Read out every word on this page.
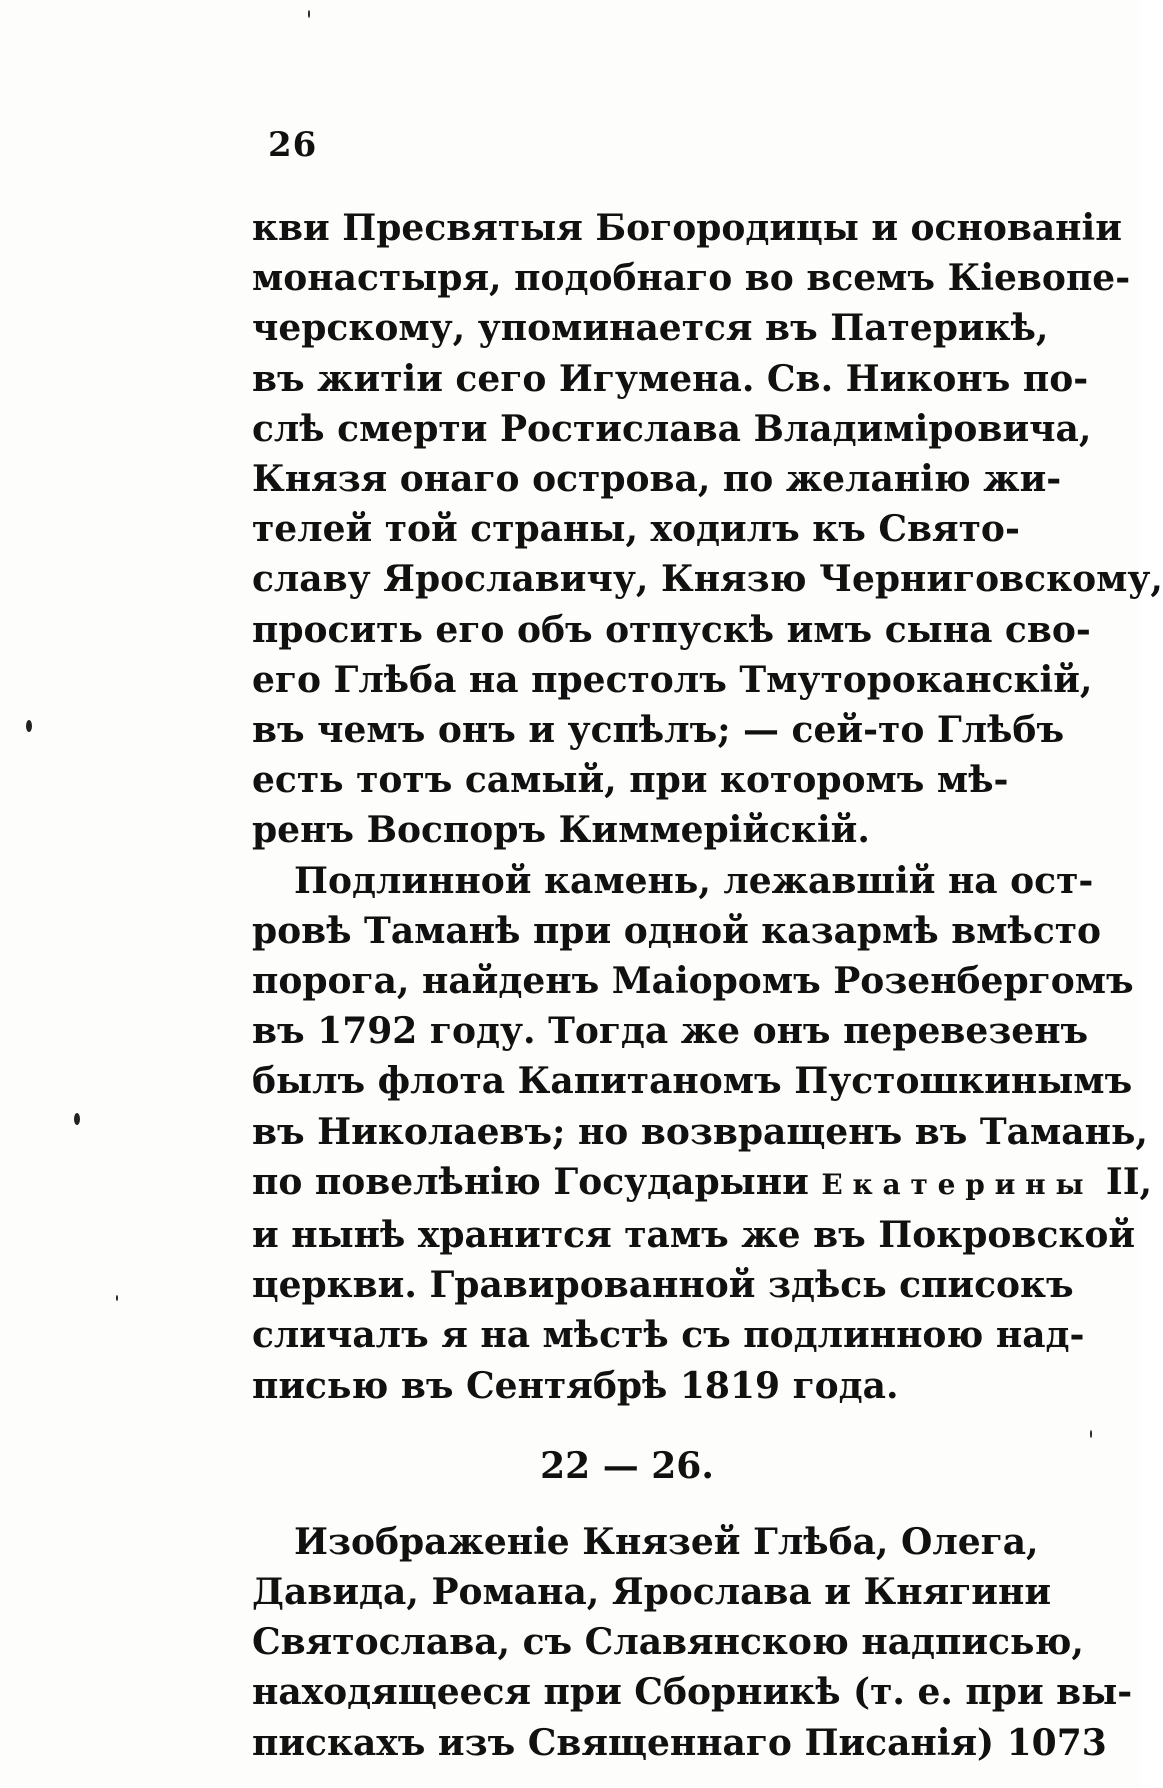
26

кви Пресвятыя Богородицы и основанiи
монастыря, подобнаго во всемъ Кiевопе-
черскому, упоминается въ Патерикѣ,
въ житiи сего Игумена. Св. Никонъ по-
слѣ смерти Ростислава Владимiровича,
Князя онаго острова, по желанiю жи-
телей той страны, ходилъ къ Свято-
славу Ярославичу, Князю Черниговскому,
просить его объ отпускѣ имъ сына сво-
его Глѣба на престолъ Тмутороканскiй,
въ чемъ онъ и успѣлъ; — сей-то Глѣбъ
есть тотъ самый, при которомъ мѣ-
ренъ Воспоръ Киммерiйскiй.
Подлинной камень, лежавшiй на ост-
ровѣ Таманѣ при одной казармѣ вмѣсто
порога, найденъ Маiоромъ Розенбергомъ
въ 1792 году. Тогда же онъ перевезенъ
былъ флота Капитаномъ Пустошкинымъ
въ Николаевъ; но возвращенъ въ Тамань,
по повелѣнiю Государыни Екатерины II,
и нынѣ хранится тамъ же въ Покровской
церкви. Гравированной здѣсь списокъ
сличалъ я на мѣстѣ съ подлинною над-
писью въ Сентябрѣ 1819 года.
22 — 26.
Изображенiе Князей Глѣба, Олега,
Давида, Романа, Ярослава и Княгини
Святослава, съ Славянскою надписью,
находящееся при Сборникѣ (т. е. при вы-
пискахъ изъ Священнаго Писанiя) 1073
